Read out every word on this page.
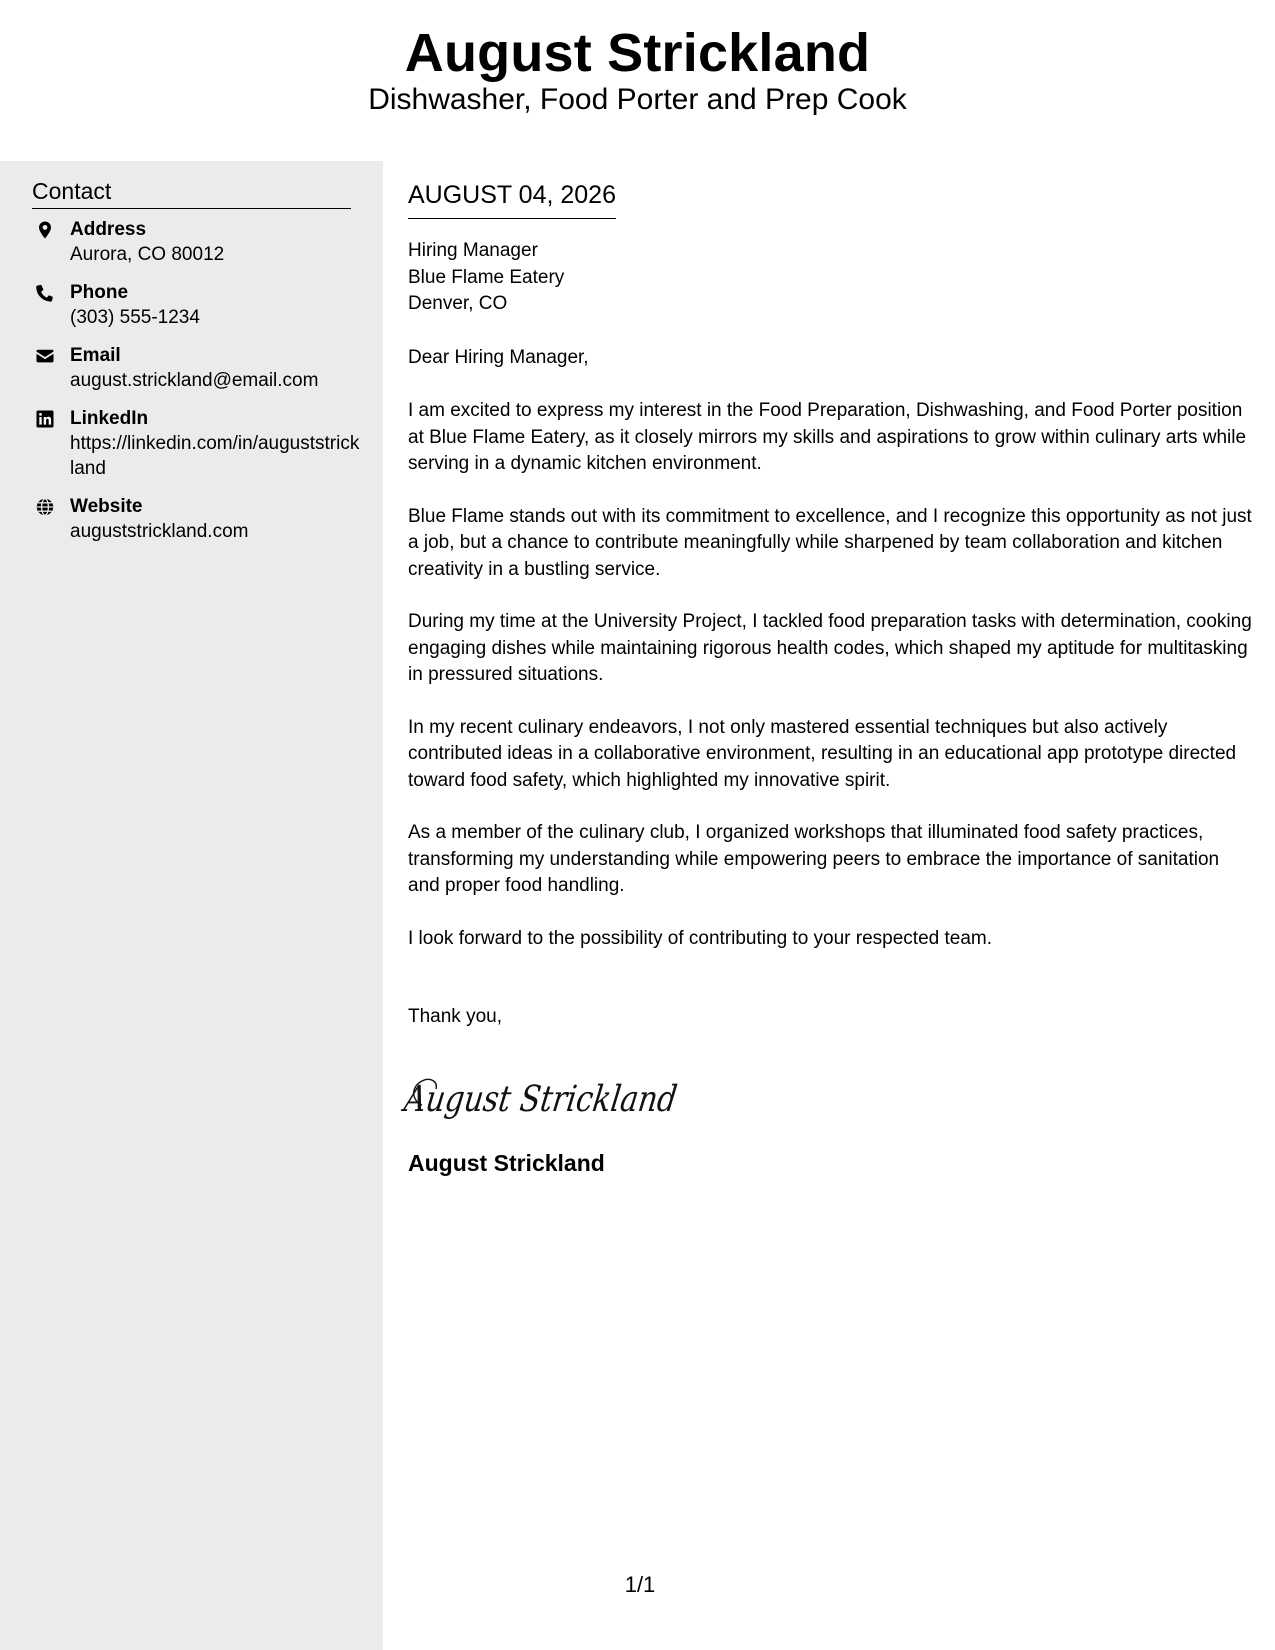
August Strickland
Dishwasher, Food Porter and Prep Cook
Contact
Address
Aurora, CO 80012
Phone
(303) 555-1234
Email
august.strickland@email.com
LinkedIn
https://linkedin.com/in/auguststrickland
Website
auguststrickland.com
AUGUST 04, 2026
Hiring Manager
Blue Flame Eatery
Denver, CO
Dear Hiring Manager,

I am excited to express my interest in the Food Preparation, Dishwashing, and Food Porter position at Blue Flame Eatery, as it closely mirrors my skills and aspirations to grow within culinary arts while serving in a dynamic kitchen environment.

Blue Flame stands out with its commitment to excellence, and I recognize this opportunity as not just a job, but a chance to contribute meaningfully while sharpened by team collaboration and kitchen creativity in a bustling service.

During my time at the University Project, I tackled food preparation tasks with determination, cooking engaging dishes while maintaining rigorous health codes, which shaped my aptitude for multitasking in pressured situations.

In my recent culinary endeavors, I not only mastered essential techniques but also actively contributed ideas in a collaborative environment, resulting in an educational app prototype directed toward food safety, which highlighted my innovative spirit.

As a member of the culinary club, I organized workshops that illuminated food safety practices, transforming my understanding while empowering peers to embrace the importance of sanitation and proper food handling.

I look forward to the possibility of contributing to your respected team.

Thank you,
August Strickland
August Strickland
1/1
